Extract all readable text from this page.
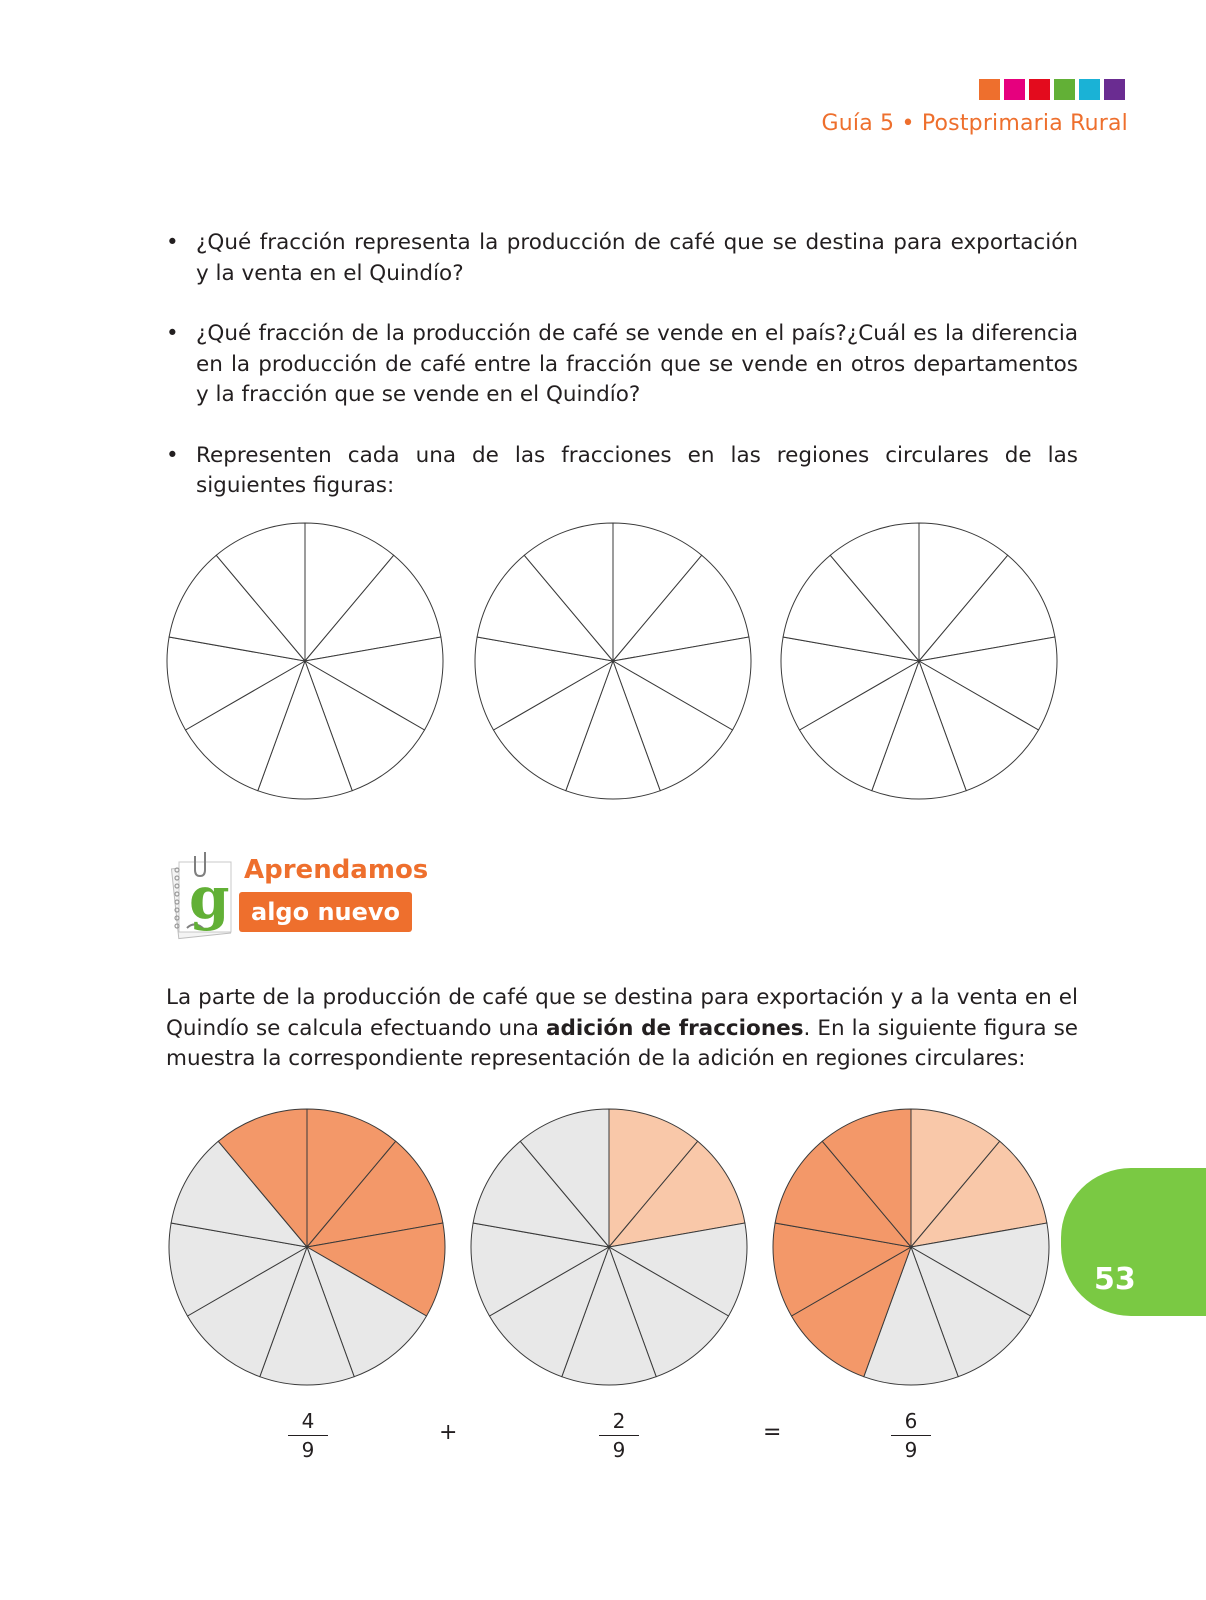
Guía 5 • Postprimaria Rural
• ¿Qué fracción representa la producción de café que se destina para exportación y la venta en el Quindío?
• ¿Qué fracción de la producción de café se vende en el país?¿Cuál es la diferencia en la producción de café entre la fracción que se vende en otros departamentos y la fracción que se vende en el Quindío?
• Representen cada una de las fracciones en las regiones circulares de las siguientes figuras:
g Aprendamos
algo nuevo

La parte de la producción de café que se destina para exportación y a la venta en el Quindío se calcula efectuando una adición de fracciones. En la siguiente figura se muestra la correspondiente representación de la adición en regiones circulares:

$\frac{4}{9}$	+	$\frac{2}{9}$	=	$\frac{6}{9}$
53
